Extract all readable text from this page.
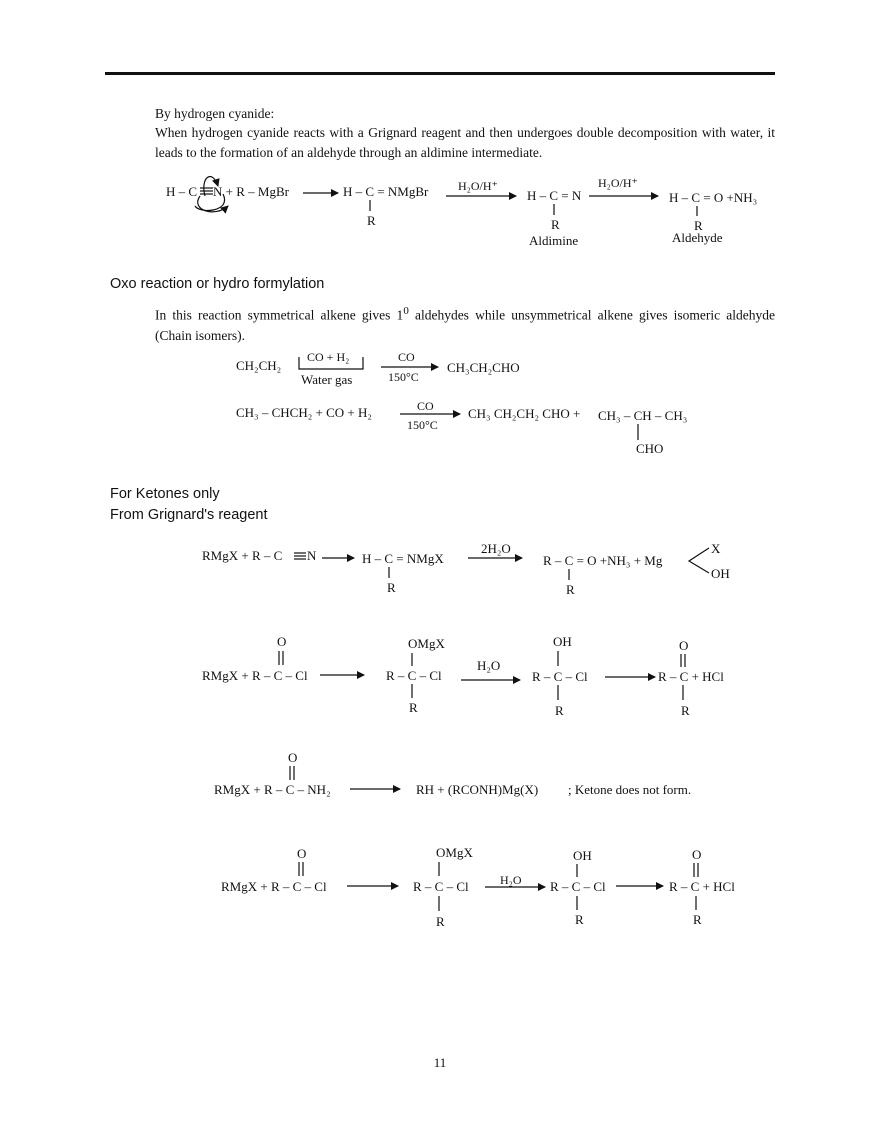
By hydrogen cyanide:
When hydrogen cyanide reacts with a Grignard reagent and then undergoes double decomposition with water, it leads to the formation of an aldehyde through an aldimine intermediate.
H – C N + R – MgBr	H – C = NMgBr
R
H₂O/H⁺
H – C = N
R
Aldimine
H₂O/H⁺
H – C = O +NH₃
R
Aldehyde
Oxo reaction or hydro formylation
In this reaction symmetrical alkene gives $1^0$ aldehydes while unsymmetrical alkene gives isomeric aldehyde (Chain isomers).
CH₂CH₂
CO + H₂
Water gas
CO
150°C
CH₃CH₂CHO
CH₃ – CHCH₂ + CO + H₂	CO
150°C
CH₃ CH₂CH₂ CHO + CH₃ – CH – CH₃
CHO
For Ketones only
From Grignard's reagent
RMgX + R – C N	H – C = NMgX
R
2H₂O
R – C = O +NH₃ + Mg
R
X
OH
O
RMgX + R – C – Cl
OMgX
R – C – Cl
R
H₂O
OH
R – C – Cl
R
O
R – C + HCl
R
O
RMgX + R – C – NH₂	RH + (RCONH)Mg(X) ; Ketone does not form.
O
RMgX + R – C – Cl
OMgX
R – C – Cl
R
H₂O
OH
R – C – Cl
R
O
R – C + HCl
R
11
